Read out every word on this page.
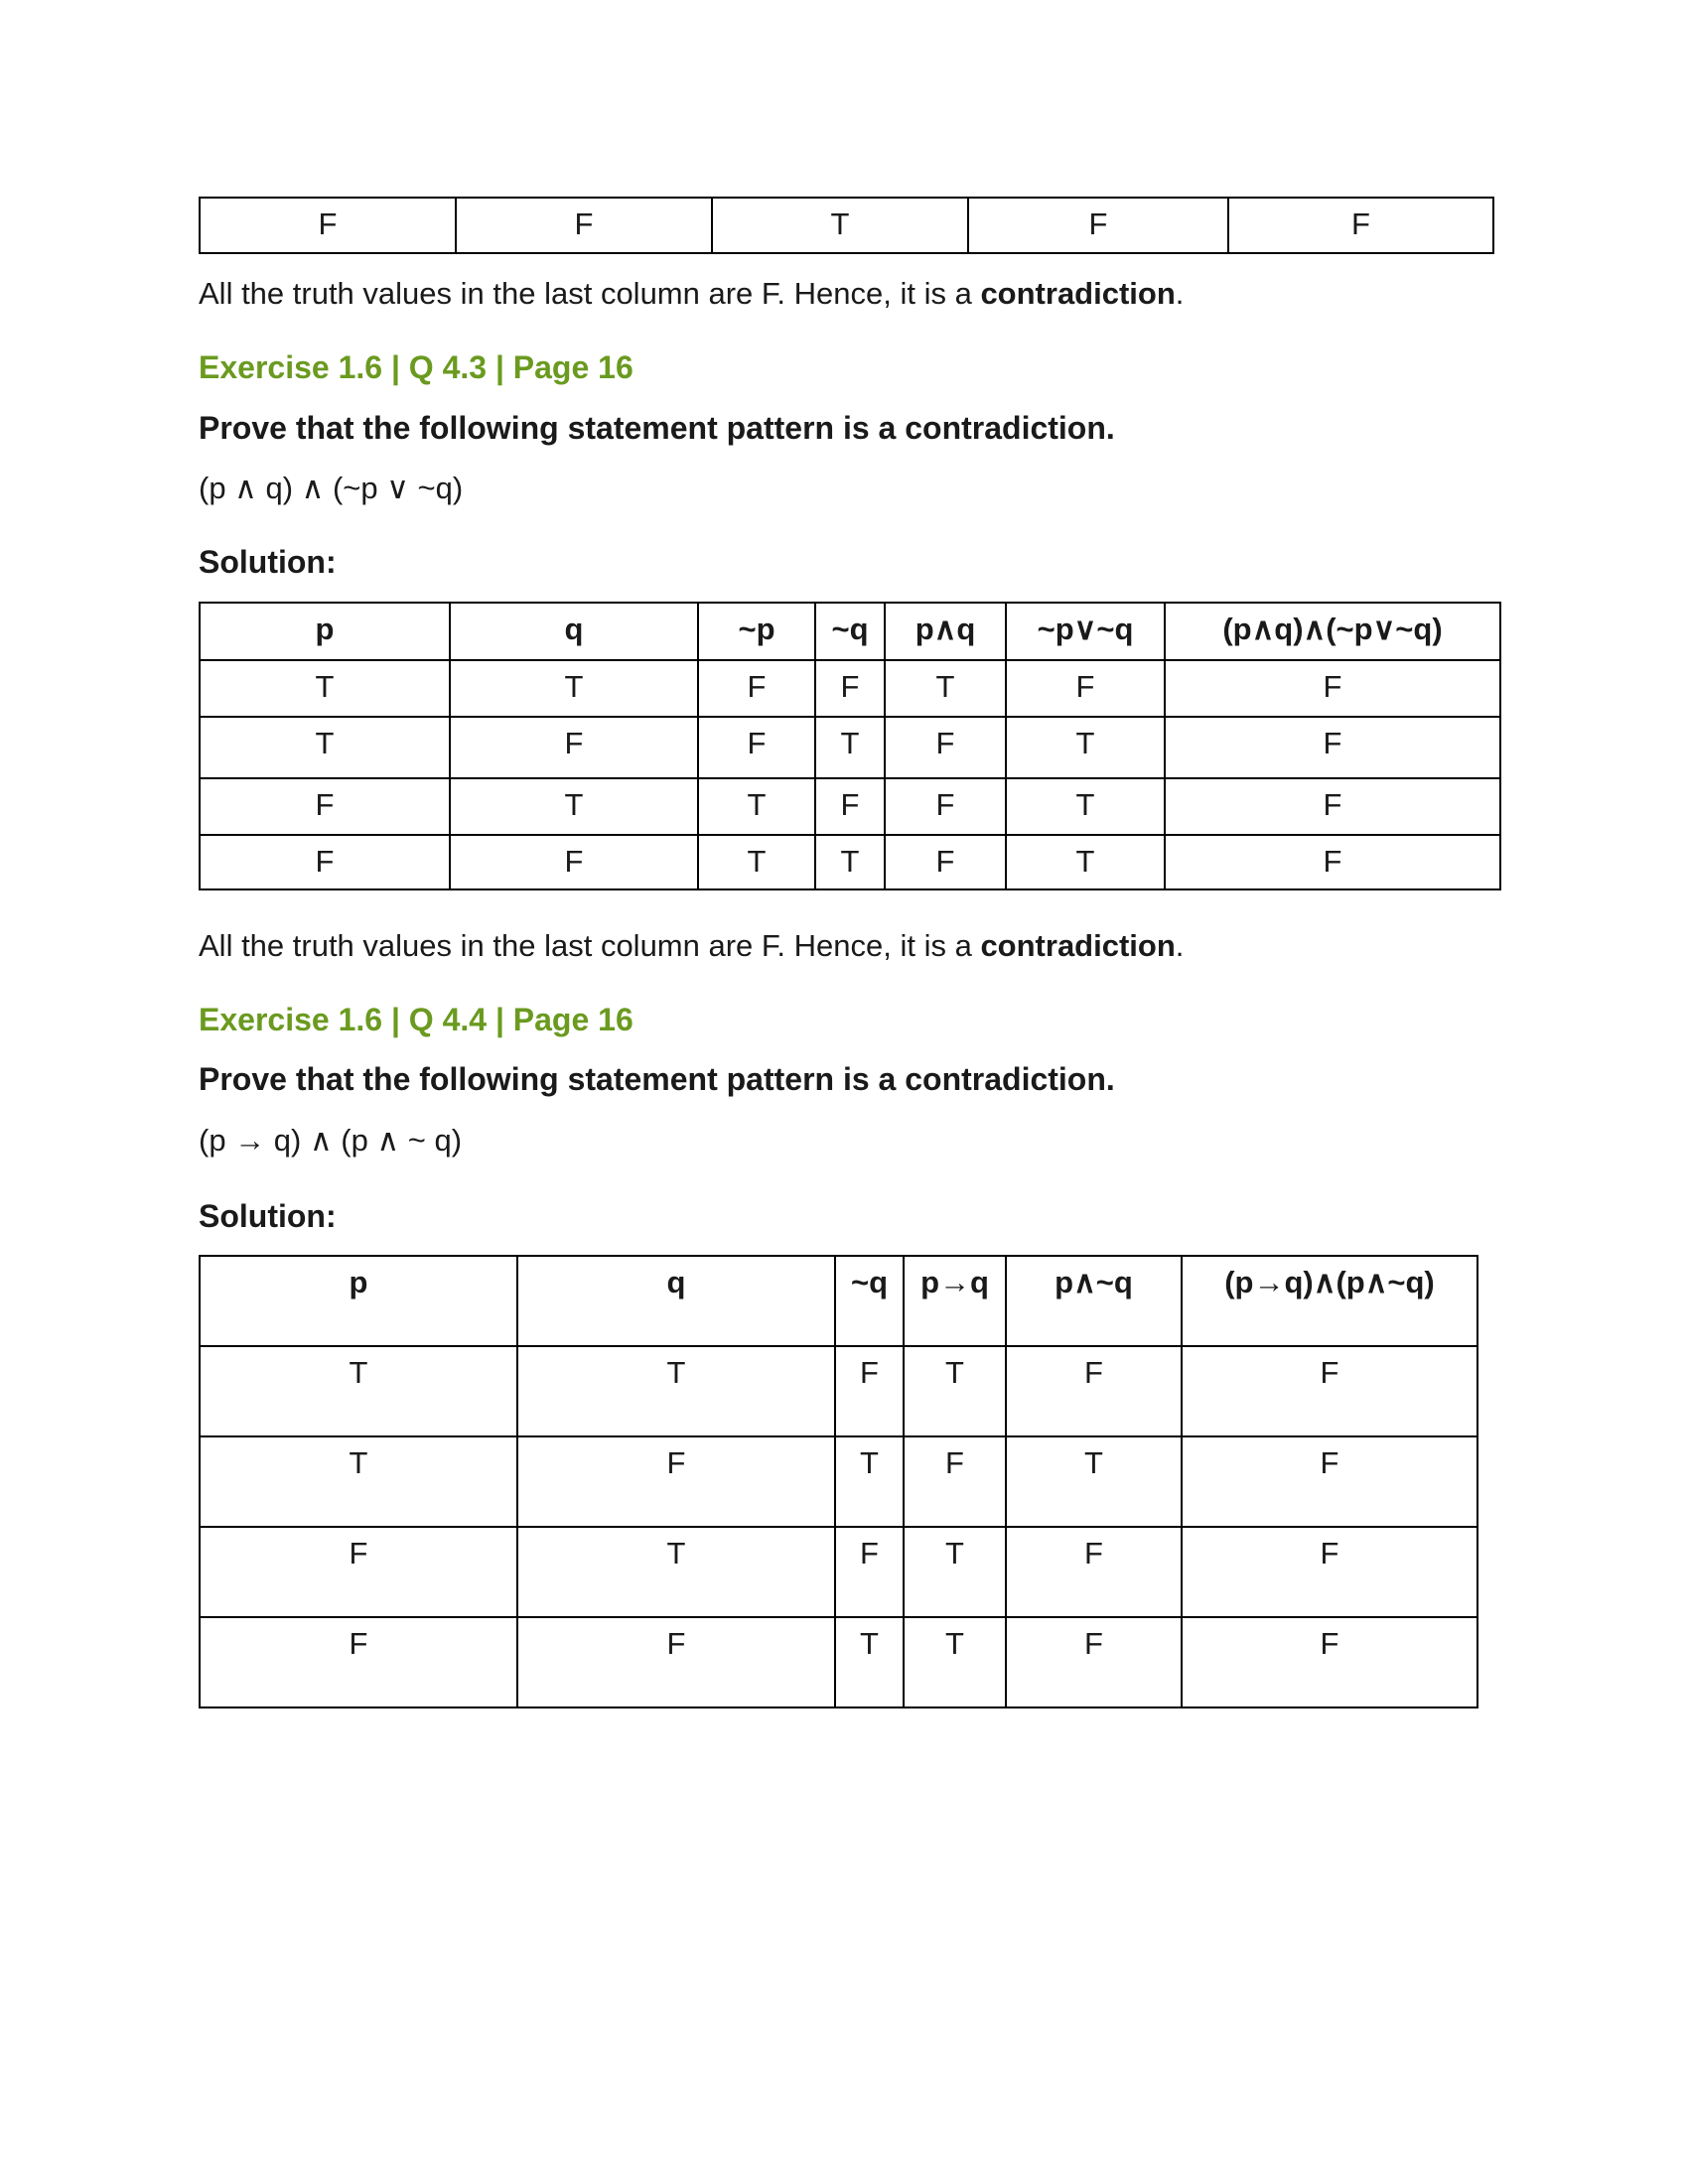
F	F	T	F	F
All the truth values in the last column are F. Hence, it is a contradiction.
Exercise 1.6 | Q 4.3 | Page 16
Prove that the following statement pattern is a contradiction.
(p ∧ q) ∧ (~p ∨ ~q)
Solution:
p	q	~p	~q	p∧q	~p∨~q	(p∧q)∧(~p∨~q)
T	T	F	F	T	F	F
T	F	F	T	F	T	F
F	T	T	F	F	T	F
F	F	T	T	F	T	F
All the truth values in the last column are F. Hence, it is a contradiction.
Exercise 1.6 | Q 4.4 | Page 16
Prove that the following statement pattern is a contradiction.
(p → q) ∧ (p ∧ ~ q)
Solution:
p	q	~q	p→q	p∧~q	(p→q)∧(p∧~q)
T	T	F	T	F	F
T	F	T	F	T	F
F	T	F	T	F	F
F	F	T	T	F	F
